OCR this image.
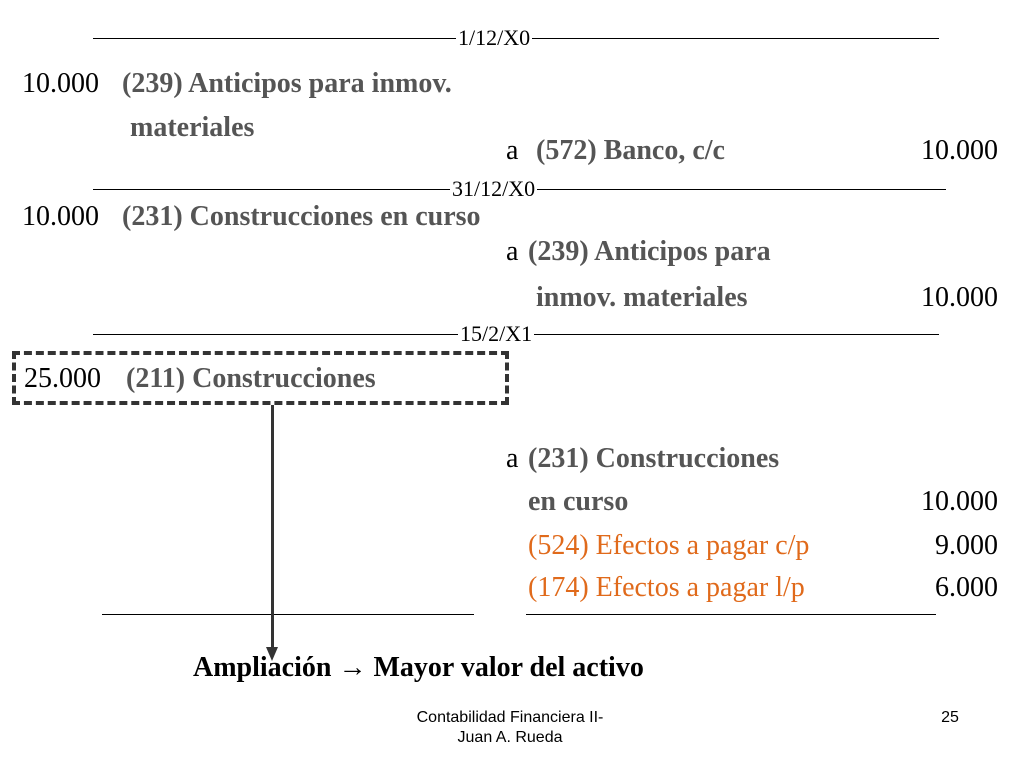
1/12/X0
10.000 (239) Anticipos para inmov.
materiales
a (572) Banco, c/c	10.000
31/12/X0
10.000 (231) Construcciones en curso
a (239) Anticipos para
inmov. materiales	10.000
15/2/X1
25.000 (211) Construcciones
a (231) Construcciones
en curso	10.000
(524) Efectos a pagar c/p	9.000
(174) Efectos a pagar l/p	6.000
Ampliación → Mayor valor del activo
Contabilidad Financiera II-
Juan A. Rueda
25
